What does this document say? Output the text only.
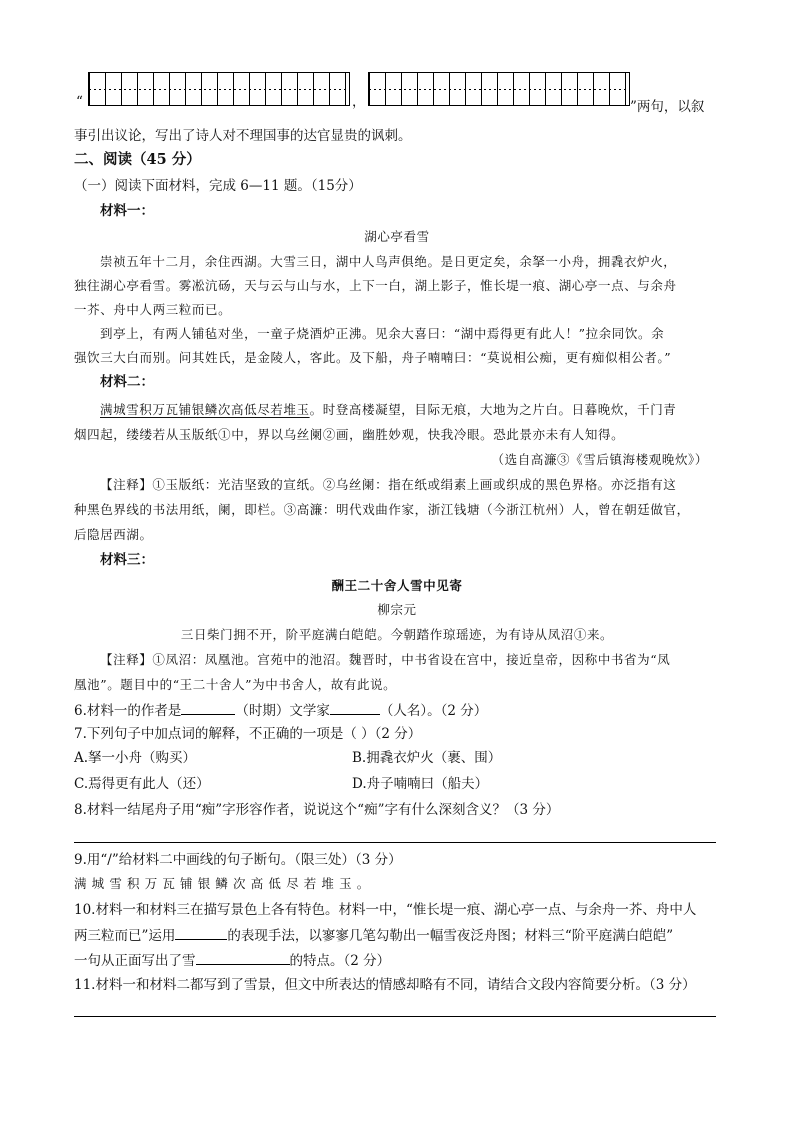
“	，	”两句，以叙
事引出议论，写出了诗人对不理国事的达官显贵的讽刺。
二、阅读（45 分）
（一）阅读下面材料，完成 6—11 题。（15分）
材料一：
湖心亭看雪
崇祯五年十二月，余住西湖。大雪三日，湖中人鸟声俱绝。是日更定矣，余拏一小舟，拥毳衣炉火，
独往湖心亭看雪。雾凇沆砀，天与云与山与水，上下一白，湖上影子，惟长堤一痕、湖心亭一点、与余舟
一芥、舟中人两三粒而已。
到亭上，有两人铺毡对坐，一童子烧酒炉正沸。见余大喜曰：“湖中焉得更有此人！”拉余同饮。余
强饮三大白而别。问其姓氏，是金陵人，客此。及下船，舟子喃喃曰：“莫说相公痴，更有痴似相公者。”
材料二：
满城雪积万瓦铺银鳞次高低尽若堆玉。时登高楼凝望，目际无痕，大地为之片白。日暮晚炊，千门青
烟四起，缕缕若从玉版纸①中，界以乌丝阑②画，幽胜妙观，快我冷眼。恐此景亦未有人知得。
（选自高濂③《雪后镇海楼观晚炊》）
【注释】①玉版纸：光洁坚致的宣纸。②乌丝阑：指在纸或绢素上画或织成的黑色界格。亦泛指有这
种黑色界线的书法用纸，阑，即栏。③高濂：明代戏曲作家，浙江钱塘（今浙江杭州）人，曾在朝廷做官，
后隐居西湖。
材料三：
酬王二十舍人雪中见寄
柳宗元
三日柴门拥不开，阶平庭满白皑皑。今朝踏作琼瑶迹，为有诗从凤沼①来。
【注释】①凤沼：凤凰池。宫苑中的池沼。魏晋时，中书省设在宫中，接近皇帝，因称中书省为“凤
凰池”。题目中的“王二十舍人”为中书舍人，故有此说。
6.材料一的作者是	（时期）文学家	（人名）。（2 分）
7.下列句子中加点词的解释，不正确的一项是（ ）（2 分）
A.拏一小舟（购买）	B.拥毳衣炉火（裹、围）
C.焉得更有此人（还）	D.舟子喃喃曰（船夫）
8.材料一结尾舟子用“痴”字形容作者，说说这个“痴”字有什么深刻含义？（3 分）
9.用“/”给材料二中画线的句子断句。（限三处）（3 分）
满 城 雪 积 万 瓦 铺 银 鳞 次 高 低 尽 若 堆 玉 。
10.材料一和材料三在描写景色上各有特色。材料一中，“惟长堤一痕、湖心亭一点、与余舟一芥、舟中人
两三粒而已”运用	的表现手法，以寥寥几笔勾勒出一幅雪夜泛舟图；材料三“阶平庭满白皑皑”
一句从正面写出了雪	的特点。（2 分）
11.材料一和材料二都写到了雪景，但文中所表达的情感却略有不同，请结合文段内容简要分析。（3 分）
